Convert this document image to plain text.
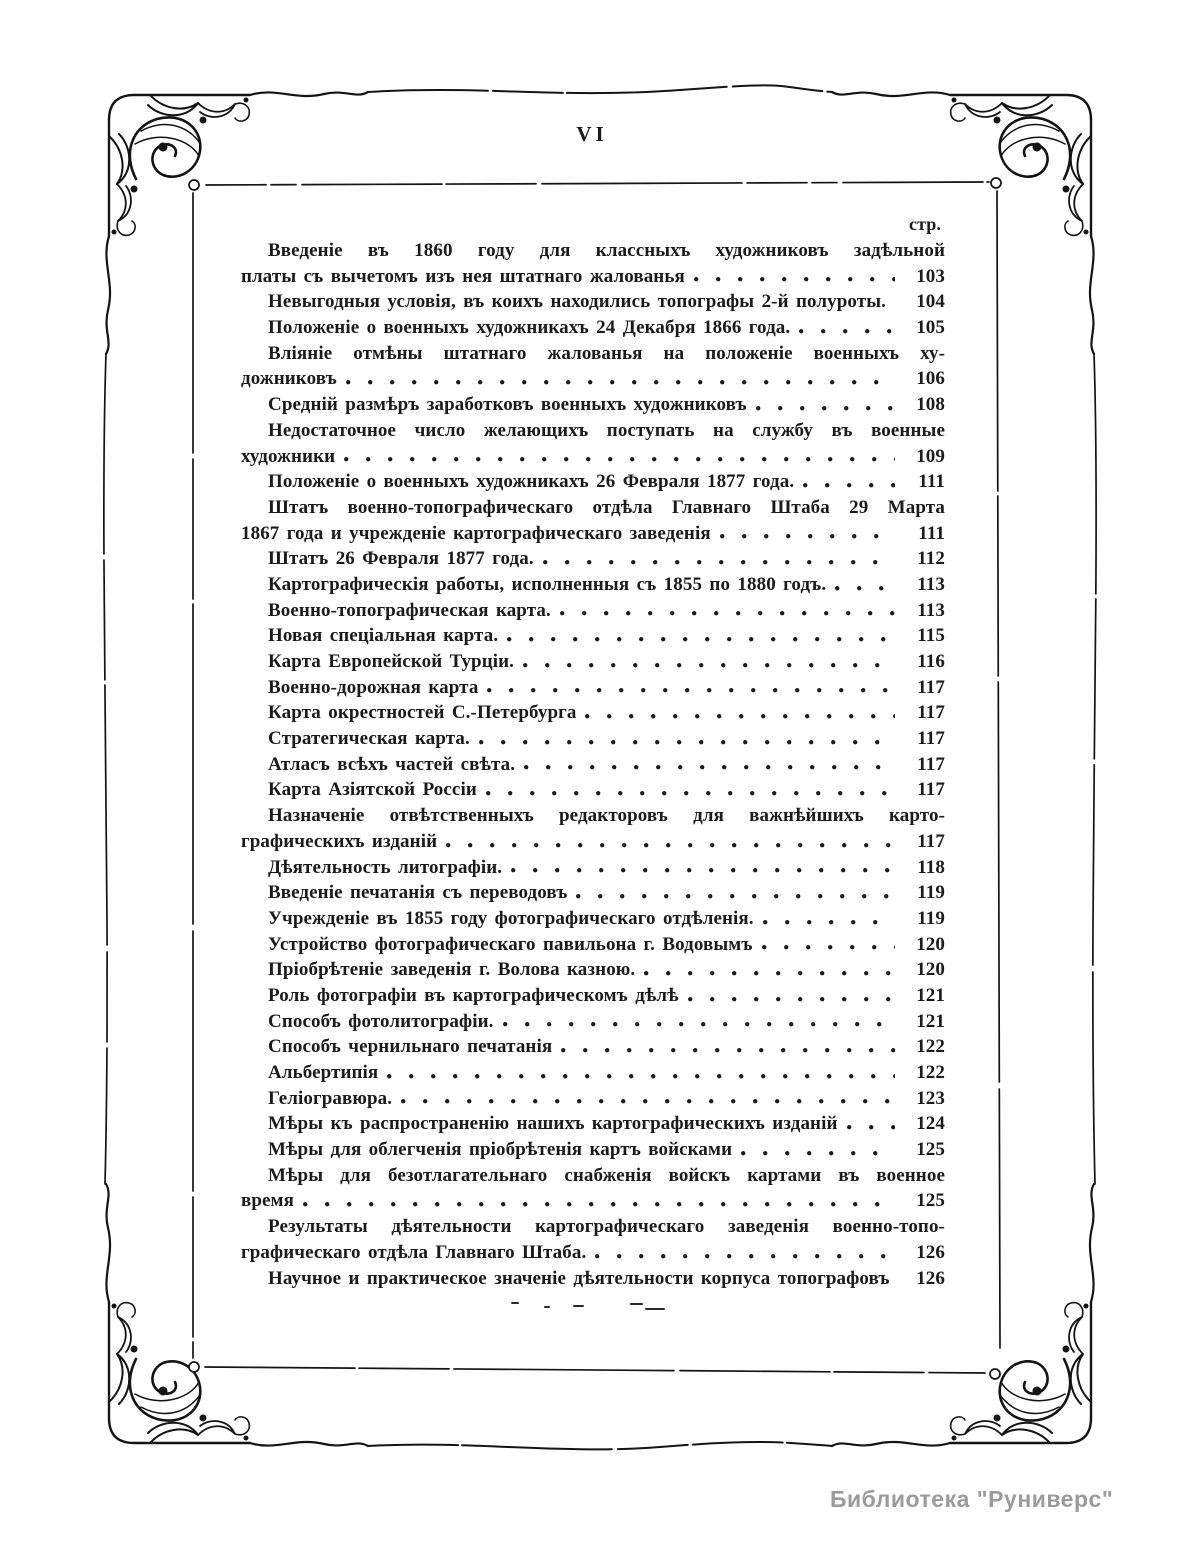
VI
стр.
Введеніе въ 1860 году для классныхъ художниковъ задѣльной
платы съ вычетомъ изъ нея штатнаго жалованья	103
Невыгодныя условія, въ коихъ находились топографы 2-й полуроты.	104
Положеніе о военныхъ художникахъ 24 Декабря 1866 года.	105
Вліяніе отмѣны штатнаго жалованья на положеніе военныхъ ху-
дожниковъ	106
Средній размѣръ заработковъ военныхъ художниковъ	108
Недостаточное число желающихъ поступать на службу въ военные
художники	109
Положеніе о военныхъ художникахъ 26 Февраля 1877 года.	111
Штатъ военно-топографическаго отдѣла Главнаго Штаба 29 Марта
1867 года и учрежденіе картографическаго заведенія	111
Штатъ 26 Февраля 1877 года.	112
Картографическія работы, исполненныя съ 1855 по 1880 годъ.	113
Военно-топографическая карта.	113
Новая спеціальная карта.	115
Карта Европейской Турціи.	116
Военно-дорожная карта	117
Карта окрестностей С.-Петербурга	117
Стратегическая карта.	117
Атласъ всѣхъ частей свѣта.	117
Карта Азіятской Россіи	117
Назначеніе отвѣтственныхъ редакторовъ для важнѣйшихъ карто-
графическихъ изданій	117
Дѣятельность литографіи.	118
Введеніе печатанія съ переводовъ	119
Учрежденіе въ 1855 году фотографическаго отдѣленія.	119
Устройство фотографическаго павильона г. Водовымъ	120
Пріобрѣтеніе заведенія г. Волова казною.	120
Роль фотографіи въ картографическомъ дѣлѣ	121
Способъ фотолитографіи.	121
Способъ чернильнаго печатанія	122
Альбертипія	122
Геліогравюра.	123
Мѣры къ распространенію нашихъ картографическихъ изданій	124
Мѣры для облегченія пріобрѣтенія картъ войсками	125
Мѣры для безотлагательнаго снабженія войскъ картами въ военное
время	125
Результаты дѣятельности картографическаго заведенія военно-топо-
графическаго отдѣла Главнаго Штаба.	126
Научное и практическое значеніе дѣятельности корпуса топографовъ	126
Библиотека "Руниверс"
